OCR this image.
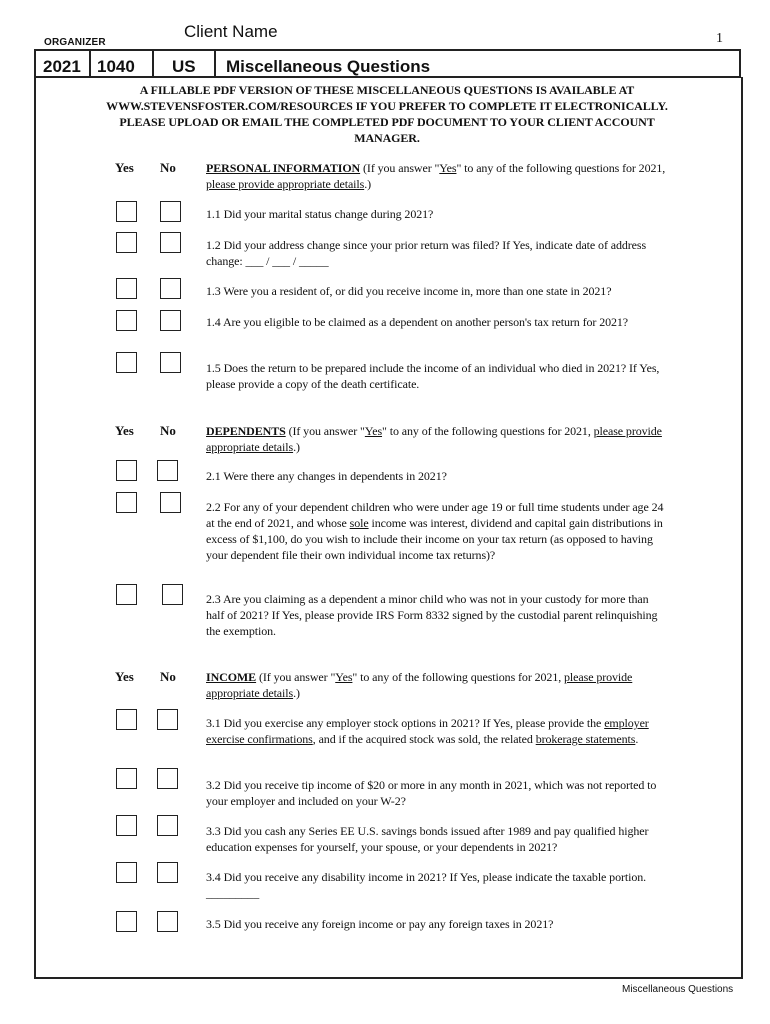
ORGANIZER
Client Name	1
2021 1040 US Miscellaneous Questions
A FILLABLE PDF VERSION OF THESE MISCELLANEOUS QUESTIONS IS AVAILABLE AT WWW.STEVENSFOSTER.COM/RESOURCES IF YOU PREFER TO COMPLETE IT ELECTRONICALLY. PLEASE UPLOAD OR EMAIL THE COMPLETED PDF DOCUMENT TO YOUR CLIENT ACCOUNT MANAGER.
Yes No	PERSONAL INFORMATION (If you answer "Yes" to any of the following questions for 2021, please provide appropriate details.)
1.1 Did your marital status change during 2021?
1.2 Did your address change since your prior return was filed? If Yes, indicate date of address change: ___ / ___ / _____
1.3 Were you a resident of, or did you receive income in, more than one state in 2021?
1.4 Are you eligible to be claimed as a dependent on another person's tax return for 2021?
1.5 Does the return to be prepared include the income of an individual who died in 2021? If Yes, please provide a copy of the death certificate.
Yes No	DEPENDENTS (If you answer "Yes" to any of the following questions for 2021, please provide appropriate details.)
2.1 Were there any changes in dependents in 2021?
2.2 For any of your dependent children who were under age 19 or full time students under age 24 at the end of 2021, and whose sole income was interest, dividend and capital gain distributions in excess of $1,100, do you wish to include their income on your tax return (as opposed to having your dependent file their own individual income tax returns)?
2.3 Are you claiming as a dependent a minor child who was not in your custody for more than half of 2021? If Yes, please provide IRS Form 8332 signed by the custodial parent relinquishing the exemption.
Yes No	INCOME (If you answer "Yes" to any of the following questions for 2021, please provide appropriate details.)
3.1 Did you exercise any employer stock options in 2021? If Yes, please provide the employer exercise confirmations, and if the acquired stock was sold, the related brokerage statements.
3.2 Did you receive tip income of $20 or more in any month in 2021, which was not reported to your employer and included on your W-2?
3.3 Did you cash any Series EE U.S. savings bonds issued after 1989 and pay qualified higher education expenses for yourself, your spouse, or your dependents in 2021?
3.4 Did you receive any disability income in 2021? If Yes, please indicate the taxable portion. _________
3.5 Did you receive any foreign income or pay any foreign taxes in 2021?
Miscellaneous Questions
